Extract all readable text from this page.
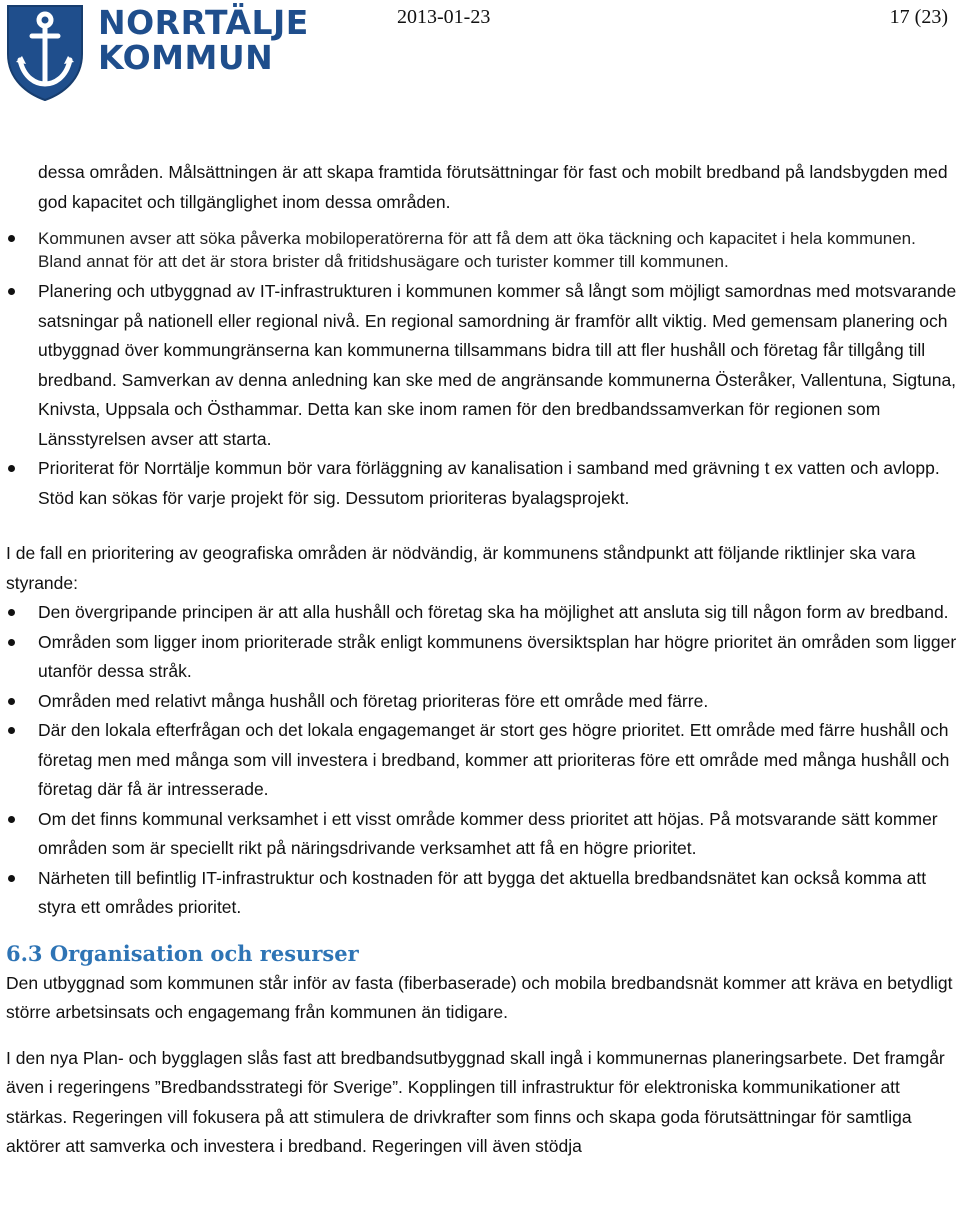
NORRTÄLJE
KOMMUN
2013-01-23	17 (23)
dessa områden. Målsättningen är att skapa framtida förutsättningar för fast och mobilt bredband på landsbygden med god kapacitet och tillgänglighet inom dessa områden.
Kommunen avser att söka påverka mobiloperatörerna för att få dem att öka täckning och kapacitet i hela kommunen. Bland annat för att det är stora brister då fritidshusägare och turister kommer till kommunen.
Planering och utbyggnad av IT-infrastrukturen i kommunen kommer så långt som möjligt samordnas med motsvarande satsningar på nationell eller regional nivå. En regional samordning är framför allt viktig. Med gemensam planering och utbyggnad över kommungränserna kan kommunerna tillsammans bidra till att fler hushåll och företag får tillgång till bredband. Samverkan av denna anledning kan ske med de angränsande kommunerna Österåker, Vallentuna, Sigtuna, Knivsta, Uppsala och Östhammar. Detta kan ske inom ramen för den bredbandssamverkan för regionen som Länsstyrelsen avser att starta.
Prioriterat för Norrtälje kommun bör vara förläggning av kanalisation i samband med grävning t ex vatten och avlopp. Stöd kan sökas för varje projekt för sig. Dessutom prioriteras byalagsprojekt.
I de fall en prioritering av geografiska områden är nödvändig, är kommunens ståndpunkt att följande riktlinjer ska vara styrande:
Den övergripande principen är att alla hushåll och företag ska ha möjlighet att ansluta sig till någon form av bredband.
Områden som ligger inom prioriterade stråk enligt kommunens översiktsplan har högre prioritet än områden som ligger utanför dessa stråk.
Områden med relativt många hushåll och företag prioriteras före ett område med färre.
Där den lokala efterfrågan och det lokala engagemanget är stort ges högre prioritet. Ett område med färre hushåll och företag men med många som vill investera i bredband, kommer att prioriteras före ett område med många hushåll och företag där få är intresserade.
Om det finns kommunal verksamhet i ett visst område kommer dess prioritet att höjas. På motsvarande sätt kommer områden som är speciellt rikt på näringsdrivande verksamhet att få en högre prioritet.
Närheten till befintlig IT-infrastruktur och kostnaden för att bygga det aktuella bredbandsnätet kan också komma att styra ett områdes prioritet.
6.3 Organisation och resurser
Den utbyggnad som kommunen står inför av fasta (fiberbaserade) och mobila bredbandsnät kommer att kräva en betydligt större arbetsinsats och engagemang från kommunen än tidigare.
I den nya Plan- och bygglagen slås fast att bredbandsutbyggnad skall ingå i kommunernas planeringsarbete. Det framgår även i regeringens ”Bredbandsstrategi för Sverige”. Kopplingen till infrastruktur för elektroniska kommunikationer att stärkas. Regeringen vill fokusera på att stimulera de drivkrafter som finns och skapa goda förutsättningar för samtliga aktörer att samverka och investera i bredband. Regeringen vill även stödja
